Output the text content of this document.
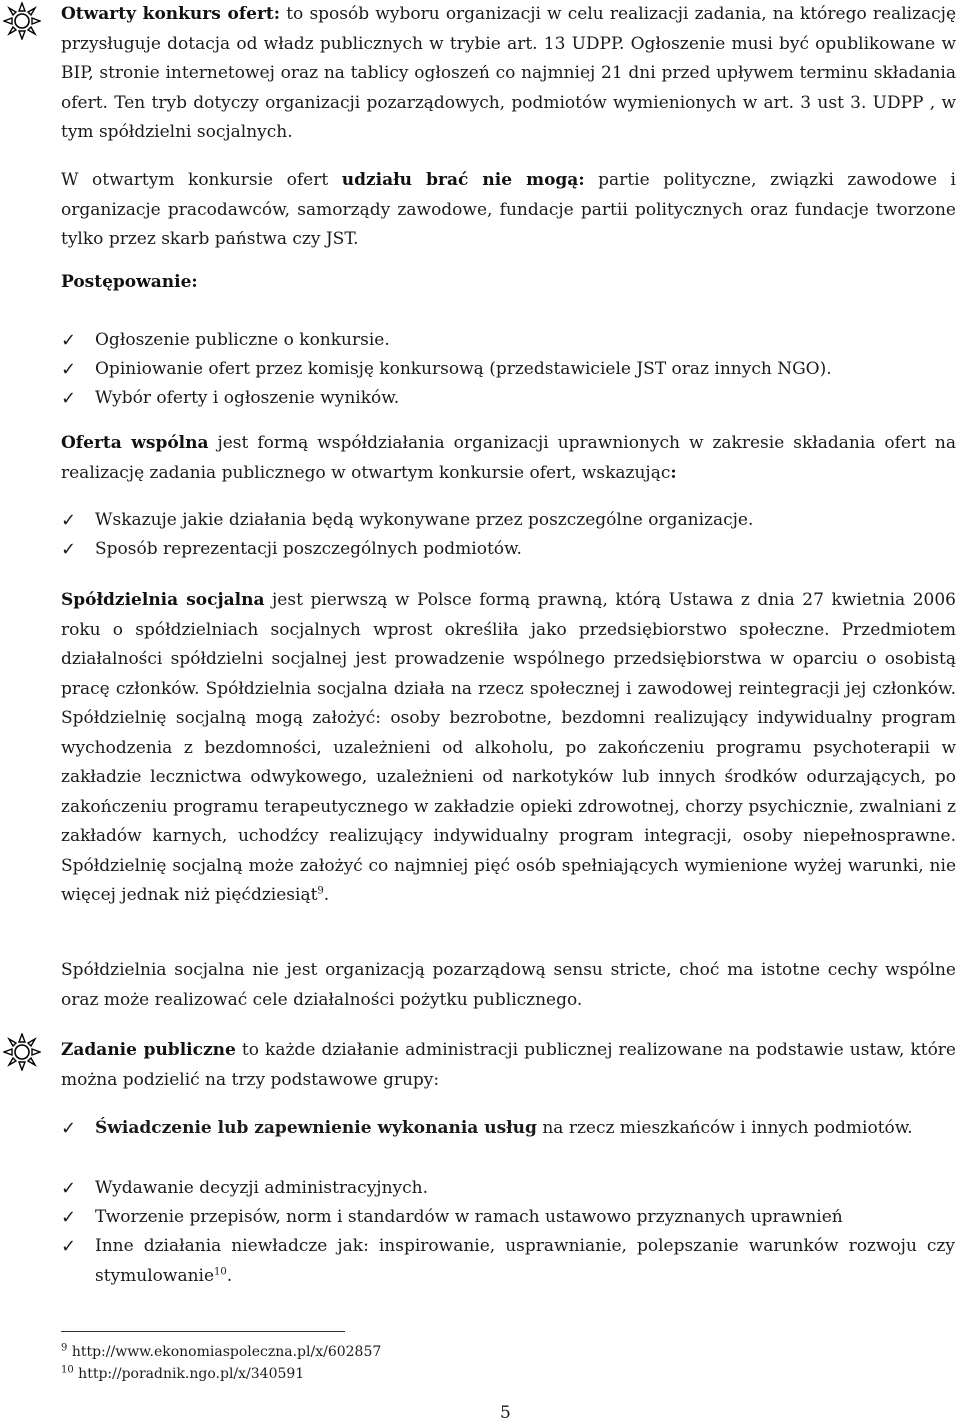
Otwarty konkurs ofert: to sposób wyboru organizacji w celu realizacji zadania, na którego realizację przysługuje dotacja od władz publicznych w trybie art. 13 UDPP. Ogłoszenie musi być opublikowane w BIP, stronie internetowej oraz na tablicy ogłoszeń co najmniej 21 dni przed upływem terminu składania ofert. Ten tryb dotyczy organizacji pozarządowych, podmiotów wymienionych w art. 3 ust 3. UDPP , w tym spółdzielni socjalnych.
W otwartym konkursie ofert udziału brać nie mogą: partie polityczne, związki zawodowe i organizacje pracodawców, samorządy zawodowe, fundacje partii politycznych oraz fundacje tworzone tylko przez skarb państwa czy JST.
Postępowanie:
✓ Ogłoszenie publiczne o konkursie.
✓ Opiniowanie ofert przez komisję konkursową (przedstawiciele JST oraz innych NGO).
✓ Wybór oferty i ogłoszenie wyników.
Oferta wspólna jest formą współdziałania organizacji uprawnionych w zakresie składania ofert na realizację zadania publicznego w otwartym konkursie ofert, wskazując:
✓ Wskazuje jakie działania będą wykonywane przez poszczególne organizacje.
✓ Sposób reprezentacji poszczególnych podmiotów.
Spółdzielnia socjalna jest pierwszą w Polsce formą prawną, którą Ustawa z dnia 27 kwietnia 2006 roku o spółdzielniach socjalnych wprost określiła jako przedsiębiorstwo społeczne. Przedmiotem działalności spółdzielni socjalnej jest prowadzenie wspólnego przedsiębiorstwa w oparciu o osobistą pracę członków. Spółdzielnia socjalna działa na rzecz społecznej i zawodowej reintegracji jej członków. Spółdzielnię socjalną mogą założyć: osoby bezrobotne, bezdomni realizujący indywidualny program wychodzenia z bezdomności, uzależnieni od alkoholu, po zakończeniu programu psychoterapii w zakładzie lecznictwa odwykowego, uzależnieni od narkotyków lub innych środków odurzających, po zakończeniu programu terapeutycznego w zakładzie opieki zdrowotnej, chorzy psychicznie, zwalniani z zakładów karnych, uchodźcy realizujący indywidualny program integracji, osoby niepełnosprawne. Spółdzielnię socjalną może założyć co najmniej pięć osób spełniających wymienione wyżej warunki, nie więcej jednak niż pięćdziesiąt$^9$.
Spółdzielnia socjalna nie jest organizacją pozarządową sensu stricte, choć ma istotne cechy wspólne oraz może realizować cele działalności pożytku publicznego.
Zadanie publiczne to każde działanie administracji publicznej realizowane na podstawie ustaw, które można podzielić na trzy podstawowe grupy:
✓ Świadczenie lub zapewnienie wykonania usług na rzecz mieszkańców i innych podmiotów.
✓ Wydawanie decyzji administracyjnych.
✓ Tworzenie przepisów, norm i standardów w ramach ustawowo przyznanych uprawnień
✓ Inne działania niewładcze jak: inspirowanie, usprawnianie, polepszanie warunków rozwoju czy stymulowanie$^{10}$.
$^9$ http://www.ekonomiaspoleczna.pl/x/602857
$^{10}$ http://poradnik.ngo.pl/x/340591
5
